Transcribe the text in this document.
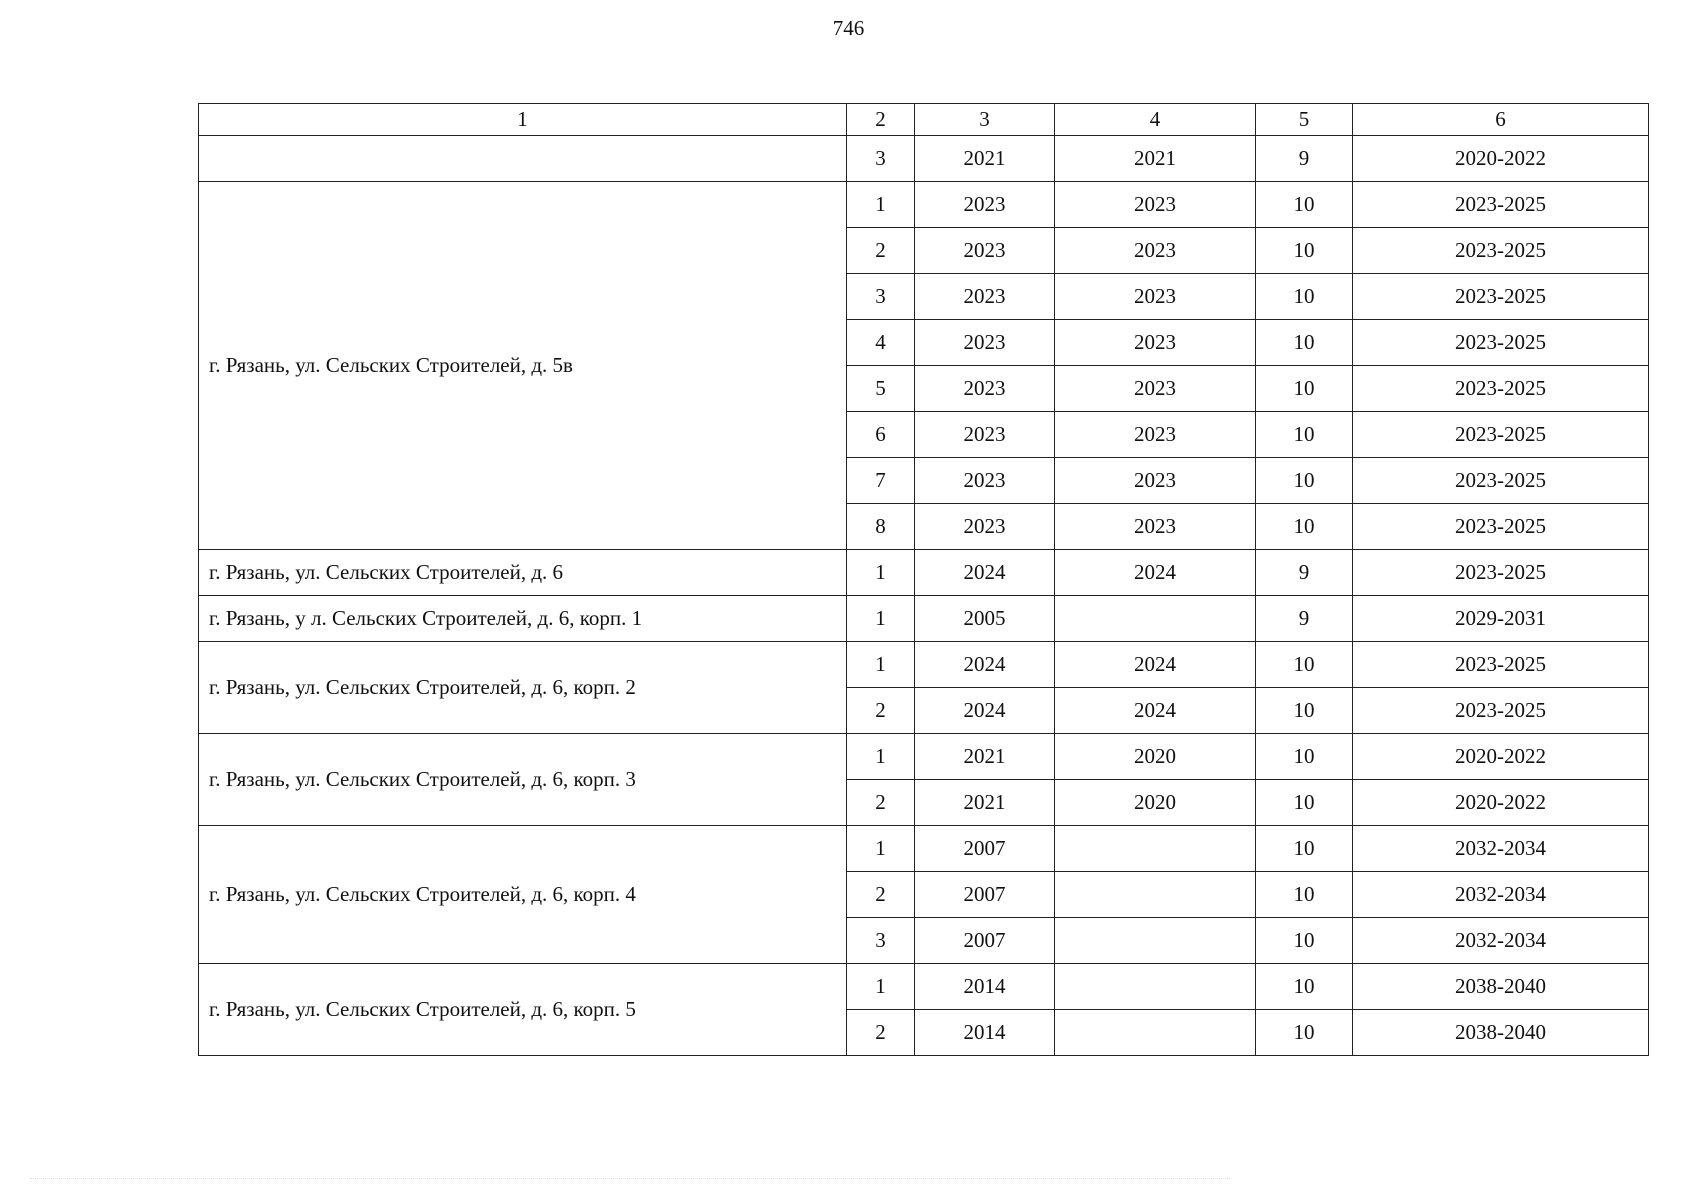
746
1	2	3	4	5	6
	3	2021	2021	9	2020-2022
г. Рязань, ул. Сельских Строителей, д. 5в	1	2023	2023	10	2023-2025
	2	2023	2023	10	2023-2025
	3	2023	2023	10	2023-2025
	4	2023	2023	10	2023-2025
	5	2023	2023	10	2023-2025
	6	2023	2023	10	2023-2025
	7	2023	2023	10	2023-2025
	8	2023	2023	10	2023-2025
г. Рязань, ул. Сельских Строителей, д. 6	1	2024	2024	9	2023-2025
г. Рязань, у л. Сельских Строителей, д. 6, корп. 1	1	2005		9	2029-2031
г. Рязань, ул. Сельских Строителей, д. 6, корп. 2	1	2024	2024	10	2023-2025
	2	2024	2024	10	2023-2025
г. Рязань, ул. Сельских Строителей, д. 6, корп. 3	1	2021	2020	10	2020-2022
	2	2021	2020	10	2020-2022
г. Рязань, ул. Сельских Строителей, д. 6, корп. 4	1	2007		10	2032-2034
	2	2007		10	2032-2034
	3	2007		10	2032-2034
г. Рязань, ул. Сельских Строителей, д. 6, корп. 5	1	2014		10	2038-2040
	2	2014		10	2038-2040
